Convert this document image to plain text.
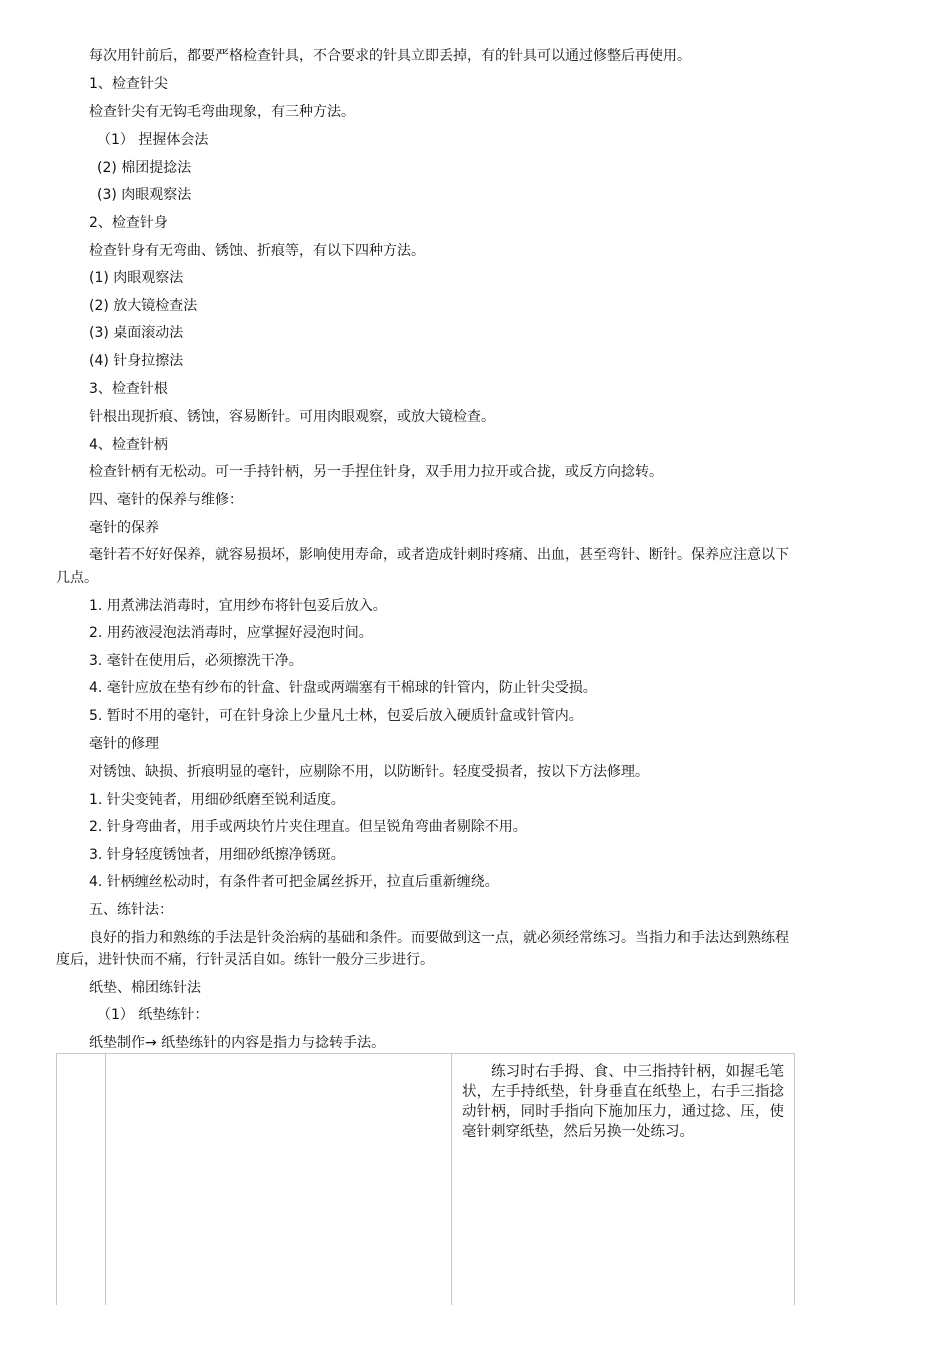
每次用针前后，都要严格检查针具，不合要求的针具立即丢掉，有的针具可以通过修整后再使用。
1、检查针尖
检查针尖有无钩毛弯曲现象，有三种方法。
（1） 捏握体会法
(2) 棉团提捻法
(3) 肉眼观察法
2、检查针身
检查针身有无弯曲、锈蚀、折痕等，有以下四种方法。
(1) 肉眼观察法
(2) 放大镜检查法
(3) 桌面滚动法
(4) 针身拉擦法
3、检查针根
针根出现折痕、锈蚀，容易断针。可用肉眼观察，或放大镜检查。
4、检查针柄
检查针柄有无松动。可一手持针柄，另一手捏住针身，双手用力拉开或合拢，或反方向捻转。
四、毫针的保养与维修：
毫针的保养
毫针若不好好保养，就容易损坏，影响使用寿命，或者造成针刺时疼痛、出血，甚至弯针、断针。保养应注意以下
几点。
1. 用煮沸法消毒时，宜用纱布将针包妥后放入。
2. 用药液浸泡法消毒时，应掌握好浸泡时间。
3. 毫针在使用后，必须擦洗干净。
4. 毫针应放在垫有纱布的针盒、针盘或两端塞有干棉球的针管内，防止针尖受损。
5. 暂时不用的毫针，可在针身涂上少量凡士林，包妥后放入硬质针盒或针管内。
毫针的修理
对锈蚀、缺损、折痕明显的毫针，应剔除不用，以防断针。轻度受损者，按以下方法修理。
1. 针尖变钝者，用细砂纸磨至锐利适度。
2. 针身弯曲者，用手或两块竹片夹住理直。但呈锐角弯曲者剔除不用。
3. 针身轻度锈蚀者，用细砂纸擦净锈斑。
4. 针柄缠丝松动时，有条件者可把金属丝拆开，拉直后重新缠绕。
五、练针法：
良好的指力和熟练的手法是针灸治病的基础和条件。而要做到这一点，就必须经常练习。当指力和手法达到熟练程
度后，进针快而不痛，行针灵活自如。练针一般分三步进行。
纸垫、棉团练针法
（1） 纸垫练针：
纸垫制作→ 纸垫练针的内容是指力与捻转手法。
练习时右手拇、食、中三指持针柄，如握毛笔状，左手持纸垫，针身垂直在纸垫上，右手三指捻动针柄，同时手指向下施加压力，通过捻、压，使毫针刺穿纸垫，然后另换一处练习。
